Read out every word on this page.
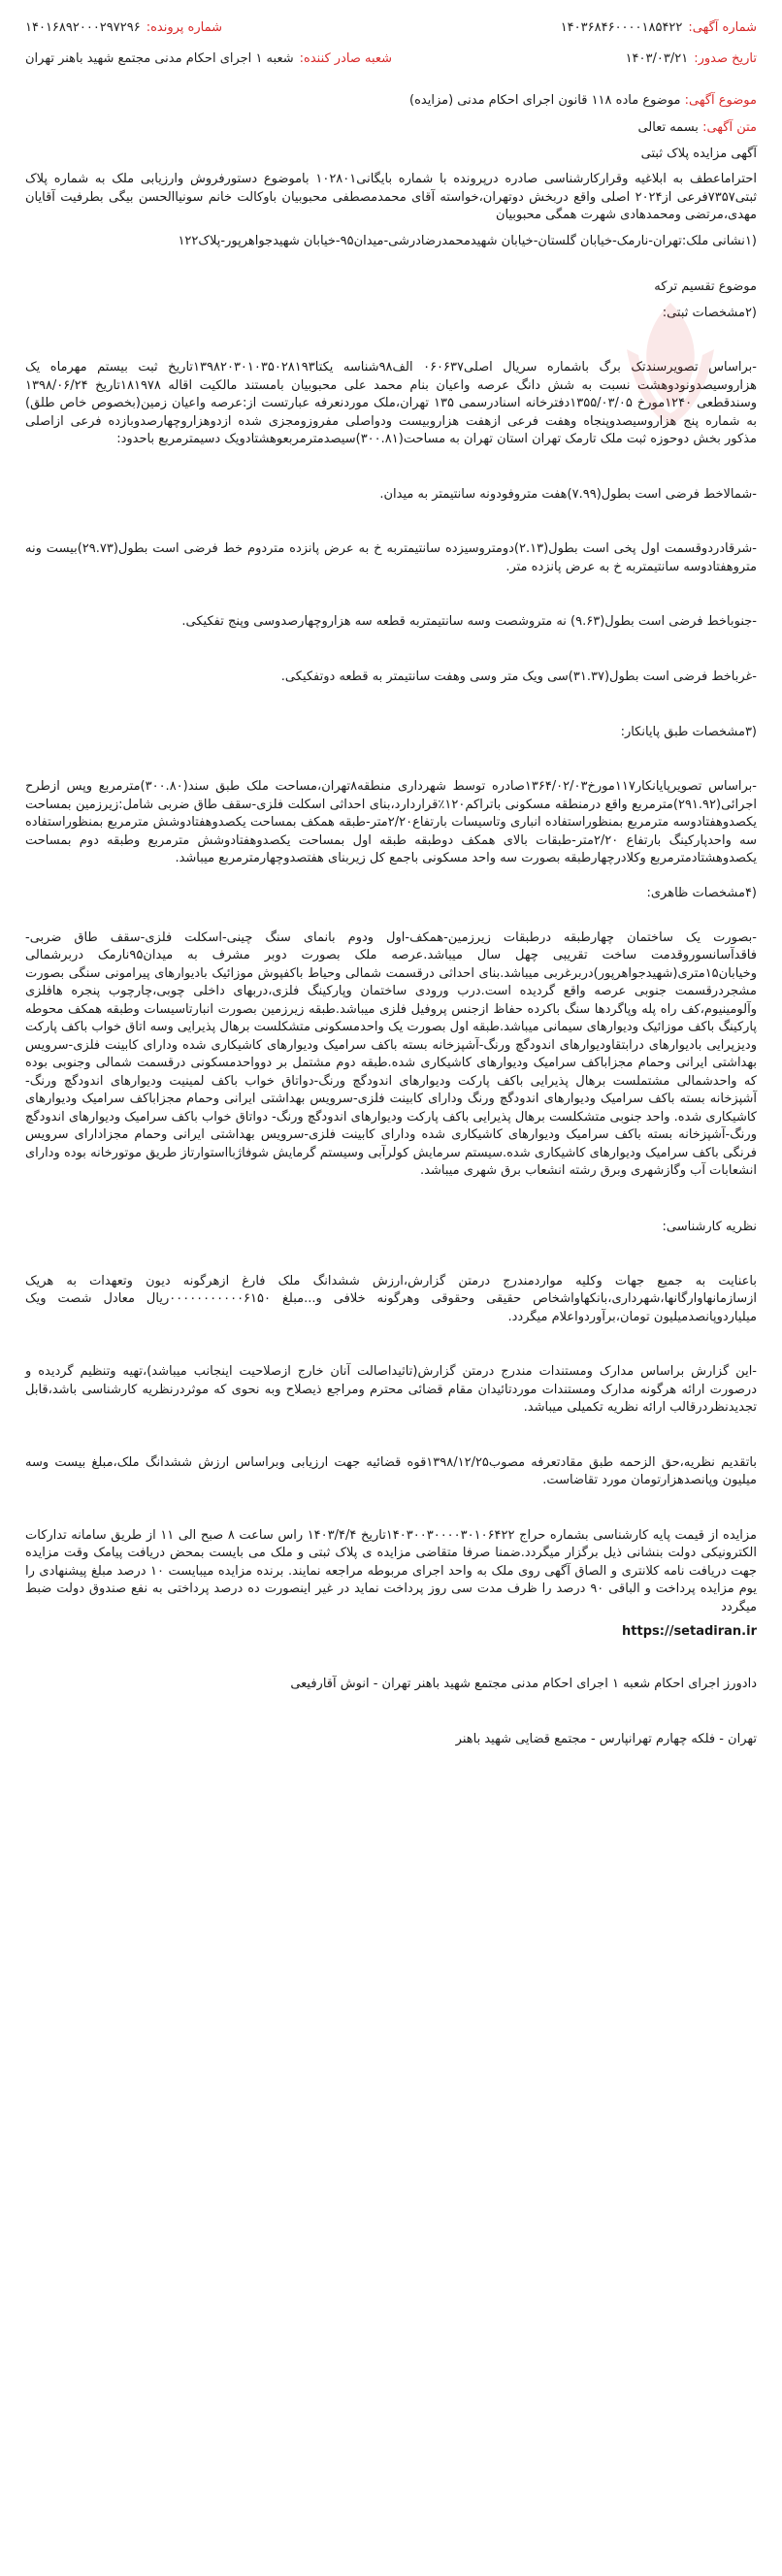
شماره آگهی:
۱۴۰۳۶۸۴۶۰۰۰۰۱۸۵۴۲۲
شماره پرونده:
۱۴۰۱۶۸۹۲۰۰۰۲۹۷۲۹۶
تاریخ صدور:
۱۴۰۳/۰۳/۲۱
شعبه صادر کننده:
شعبه ۱ اجرای احکام مدنی مجتمع شهید باهنر تهران
موضوع آگهی: موضوع ماده ۱۱۸ قانون اجرای احکام مدنی (مزایده)
متن آگهی: بسمه تعالی
آگهی مزایده پلاک ثبتی

احتراماعطف به ابلاغیه وقرارکارشناسی صادره درپرونده با شماره بایگانی۱۰۲۸۰۱ باموضوع دستورفروش وارزیابی ملک به شماره پلاک ثبتی۷۳۵۷فرعی از۲۰۲۴ اصلی واقع دربخش دوتهران،خواسته آقای محمدمصطفی محبوبیان باوکالت خانم سونیاالحسن بیگی بطرفیت آقایان مهدی،مرتضی ومحمدهادی شهرت همگی محبوبیان

(۱نشانی ملک:تهران-نارمک-خیابان گلستان-خیابان شهیدمحمدرضادرشی-میدان۹۵-خیابان شهیدجواهرپور-پلاک۱۲۲

موضوع تقسیم ترکه
(۲مشخصات ثبتی:

-براساس تصویرسندتک برگ باشماره سریال اصلی۰۶۰۶۳۷ الف۹۸شناسه یکتا۱۳۹۸۲۰۳۰۱۰۳۵۰۲۸۱۹۳تاریخ ثبت بیستم مهرماه یک هزاروسیصدونودوهشت نسبت به شش دانگ عرصه واعیان بنام محمد علی محبوبیان بامستند مالکیت اقاله ۱۸۱۹۷۸تاریخ ۱۳۹۸/۰۶/۲۴ وسندقطعی ۱۲۴۰مورخ ۱۳۵۵/۰۳/۰۵دفترخانه اسنادرسمی ۱۳۵ تهران،ملک موردنعرفه عبارتست از:عرصه واعیان زمین(بخصوص خاص طلق) به شماره پنج هزاروسیصدوپنجاه وهفت فرعی ازهفت هزاروبیست ودواصلی مفروزومجزی شده ازدوهزاروچهارصدوبازده فرعی ازاصلی مذکور بخش دوحوزه ثبت ملک تارمک تهران استان تهران به مساحت(۳۰۰.۸۱)سیصدمترمربعوهشتادویک دسیمترمربع باحدود:

-شمالاخط فرضی است بطول(۷.۹۹)هفت متروفودونه سانتیمتر به میدان.

-شرقادردوقسمت اول پخی است بطول(۲.۱۳)دومتروسیزده سانتیمتربه خ به عرض پانزده متردوم خط فرضی است بطول(۲۹.۷۳)بیست ونه متروهفتادوسه سانتیمتربه خ به عرض پانزده متر.

-جنوباخط فرضی است بطول(۹.۶۳) نه متروشصت وسه سانتیمتربه قطعه سه هزاروچهارصدوسی وپنج تفکیکی.

-غرباخط فرضی است بطول(۳۱.۳۷)سی ویک متر وسی وهفت سانتیمتر به قطعه دوتفکیکی.

(۳مشخصات طبق پایانکار:

-براساس تصویرپایانکار۱۱۷مورخ۱۳۶۴/۰۲/۰۳صادره توسط شهرداری منطقه۸تهران،مساحت ملک طبق سند(۳۰۰.۸۰)مترمربع وپس ازطرح اجرائی(۲۹۱.۹۲)مترمربع واقع درمنطقه مسکونی باتراکم۱۲۰٪قراردارد،بنای احداثی اسکلت فلزی-سقف طاق ضربی شامل:زیرزمین بمساحت یکصدوهفتادوسه مترمربع بمنظوراستفاده انباری وتاسیسات بارتفاع۲/۲۰متر-طبقه همکف بمساحت یکصدوهفتادوشش مترمربع بمنظوراستفاده سه واحدپارکینگ بارتفاع ۲/۲۰متر-طبقات بالای همکف دوطبقه طبقه اول بمساحت یکصدوهفتادوشش مترمربع وطبقه دوم بمساحت یکصدوهشتادمترمربع وکلادرچهارطبقه بصورت سه واحد مسکونی باجمع کل زیربنای هفتصدوچهارمترمربع میباشد.

(۴مشخصات ظاهری:

-بصورت یک ساختمان چهارطبقه درطبقات زیرزمین-همکف-اول ودوم بانمای سنگ چینی-اسکلت فلزی-سقف طاق ضربی-فاقدآسانسوروقدمت ساخت تقریبی چهل سال میباشد.عرصه ملک بصورت دوبر مشرف به میدان۹۵نارمک دربرشمالی وخیابان۱۵متری(شهیدجواهرپور)دربرغربی میباشد.بنای احداثی درقسمت شمالی وحیاط باکفپوش موزائیک بادیوارهای پیرامونی سنگی بصورت مشجردرقسمت جنوبی عرصه واقع گردیده است.درب ورودی ساختمان وپارکینگ فلزی،دربهای داخلی چوبی،چارچوب پنجره هافلزی وآلومینیوم،کف راه پله وپاگردها سنگ باکرده حفاظ ازجنس پروفیل فلزی میباشد.طبقه زیرزمین بصورت انبارتاسیسات وطبقه همکف محوطه پارکینگ باکف موزائیک ودیوارهای سیمانی میباشد.طبقه اول بصورت یک واحدمسکونی متشکلست برهال پذیرایی وسه اتاق خواب باکف پارکت ودیزپرایی بادیوارهای درابتقاودیوارهای اندودگچ ورنگ-آشپزخانه بسته باکف سرامیک ودیوارهای کاشیکاری شده ودارای کابینت فلزی-سرویس بهداشتی ایرانی وحمام مجزاباکف سرامیک ودیوارهای کاشیکاری شده.طبقه دوم مشتمل بر دوواحدمسکونی درقسمت شمالی وجنوبی بوده که واحدشمالی مشتملست برهال پذیرایی باکف پارکت ودیوارهای اندودگچ ورنگ-دواتاق خواب باکف لمینیت ودیوارهای اندودگچ ورنگ-آشپزخانه بسته باکف سرامیک ودیوارهای اندودگچ ورنگ ودارای کابینت فلزی-سرویس بهداشتی ایرانی وحمام مجزاباکف سرامیک ودیوارهای کاشیکاری شده. واحد جنوبی متشکلست برهال پذیرایی باکف پارکت ودیوارهای اندودگچ ورنگ- دواتاق خواب باکف سرامیک ودیوارهای اندودگچ ورنگ-آشپزخانه بسته باکف سرامیک ودیوارهای کاشیکاری شده ودارای کابینت فلزی-سرویس بهداشتی ایرانی وحمام مجزادارای سرویس فرنگی باکف سرامیک ودیوارهای کاشیکاری شده.سیستم سرمایش کولرآبی وسیستم گرمایش شوفاژبااستوارتاز طریق موتورخانه بوده ودارای انشعابات آب وگازشهری وبرق رشته انشعاب برق شهری میباشد.

نظریه کارشناسی:

باعنایت به جمیع جهات وکلیه مواردمندرج درمتن گزارش،ارزش ششدانگ ملک فارغ ازهرگونه دیون وتعهدات به هریک ازسازمانهاوارگانها،شهرداری،بانکهاواشخاص حقیقی وحقوقی وهرگونه خلافی و...مبلغ ۰۰۰۰۰۰۰۰۰۰۰۶۱۵۰ریال معادل شصت ویک میلیاردوپانصدمیلیون تومان،برآوردواعلام میگردد.

-این گزارش براساس مدارک ومستندات مندرج درمتن گزارش(تاثیداصالت آنان خارج ازصلاحیت اینجانب میباشد)،تهیه وتنظیم گردیده و درصورت ارائه هرگونه مدارک ومستندات موردتائیدان مقام قضائی محترم ومراجع ذیصلاح وبه نحوی که موثردرنظریه کارشناسی باشد،قابل تجدیدنظردرقالب ارائه نظریه تکمیلی میباشد.

باتقدیم نظریه،حق الزحمه طبق مقادتعرفه مصوب۱۳۹۸/۱۲/۲۵قوه قضائیه جهت ارزیابی وبراساس ارزش ششدانگ ملک،مبلغ بیست وسه میلیون وپانصدهزارتومان مورد تقاضاست.

مزایده از قیمت پایه کارشناسی بشماره حراج ۱۴۰۳۰۰۳۰۰۰۰۳۰۱۰۶۴۲۲تاریخ ۱۴۰۳/۴/۴ راس ساعت ۸ صبح الی ۱۱ از طریق سامانه تدارکات الکترونیکی دولت بنشانی ذیل برگزار میگردد.ضمنا صرفا متقاضی مزایده ی پلاک ثبتی و ملک می بایست بمحض دریافت پیامک وقت مزایده جهت دریافت نامه کلانتری و الصاق آگهی روی ملک به واحد اجرای مربوطه مراجعه نمایند. برنده مزایده میبایست ۱۰ درصد مبلغ پیشنهادی را یوم مزایده پرداخت و الباقی ۹۰ درصد را ظرف مدت سی روز پرداخت نماید در غیر اینصورت ده درصد پرداختی به نفع صندوق دولت ضبط میگردد

https://setadiran.ir

دادورز اجرای احکام شعبه ۱ اجرای احکام مدنی مجتمع شهید باهنر تهران - انوش آقارفیعی

تهران - فلکه چهارم تهرانپارس - مجتمع قضایی شهید باهنر
